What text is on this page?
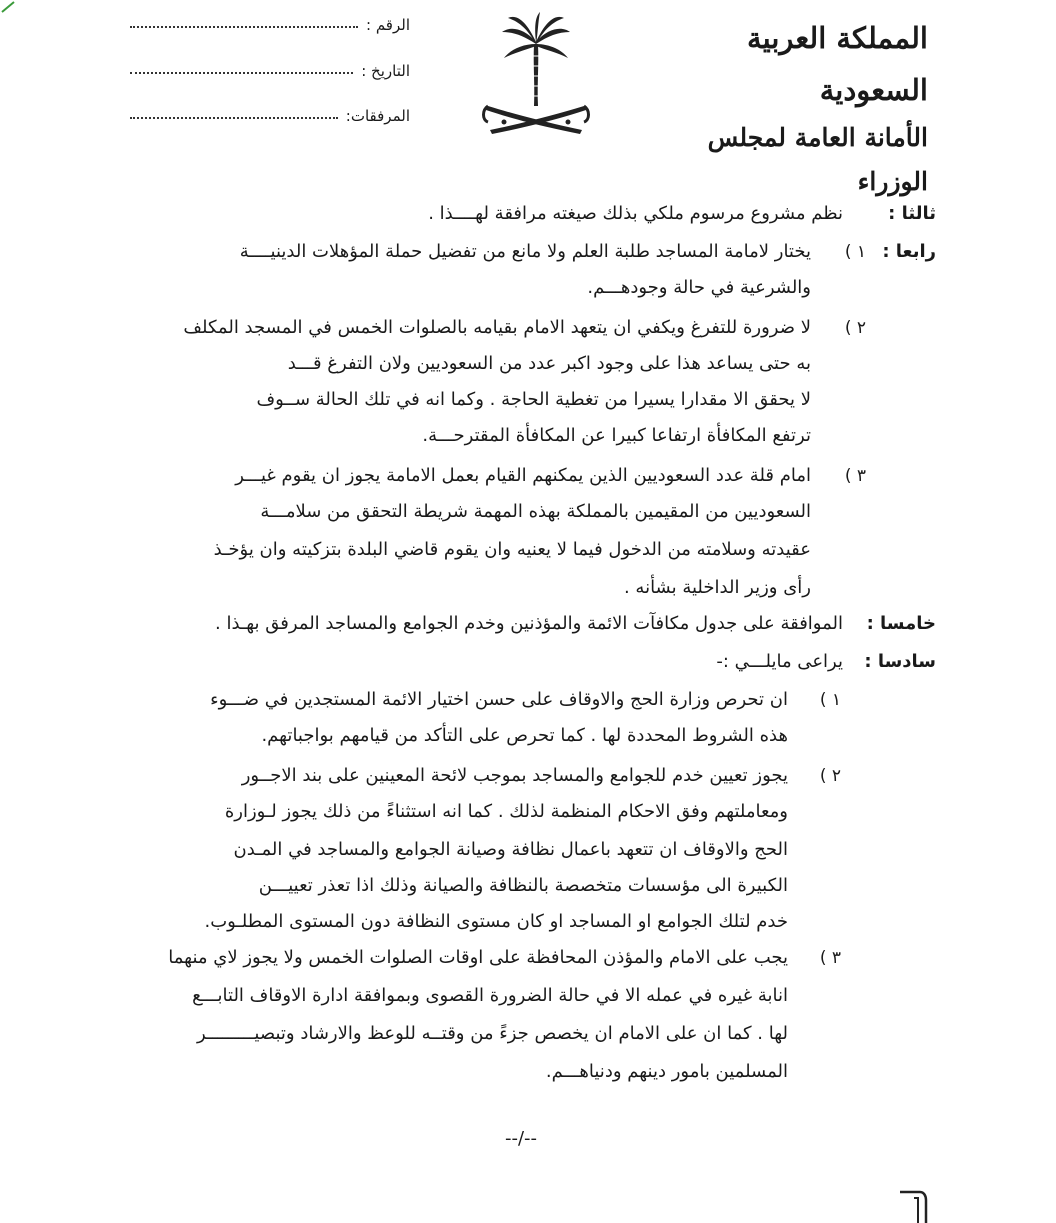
المملكة العربية السعودية
الأمانة العامة لمجلس الوزراء
الرقم :
التاريخ :
المرفقات:
ثالثا :
نظم مشروع مرسوم ملكي بذلك صيغته مرافقة لهــــذا .
رابعا :
١ )
يختار لامامة المساجد طلبة العلم ولا مانع من تفضيل حملة المؤهلات الدينيــــة
والشرعية في حالة وجودهـــم.
٢ )
لا ضرورة للتفرغ ويكفي ان يتعهد الامام بقيامه بالصلوات الخمس في المسجد المكلف
به حتى يساعد هذا على وجود اكبر عدد من السعوديين ولان التفرغ قـــد
لا يحقق الا مقدارا يسيرا من تغطية الحاجة . وكما انه في تلك الحالة ســوف
ترتفع المكافأة ارتفاعا كبيرا عن المكافأة المقترحـــة.
٣ )
امام قلة عدد السعوديين الذين يمكنهم القيام بعمل الامامة يجوز ان يقوم غيـــر
السعوديين من المقيمين بالمملكة بهذه المهمة شريطة التحقق من سلامـــة
عقيدته وسلامته من الدخول فيما لا يعنيه وان يقوم قاضي البلدة بتزكيته وان يؤخـذ
رأى وزير الداخلية بشأنه .
خامسا :
الموافقة على جدول مكافآت الائمة والمؤذنين وخدم الجوامع والمساجد المرفق بهـذا .
سادسا :
يراعى مايلـــي :-
١ )
ان تحرص وزارة الحج والاوقاف على حسن اختيار الائمة المستجدين في ضـــوء
هذه الشروط المحددة لها . كما تحرص على التأكد من قيامهم بواجباتهم.
٢ )
يجوز تعيين خدم للجوامع والمساجد بموجب لائحة المعينين على بند الاجــور
ومعاملتهم وفق الاحكام المنظمة لذلك . كما انه استثناءً من ذلك يجوز لـوزارة
الحج والاوقاف ان تتعهد باعمال نظافة وصيانة الجوامع والمساجد في المـدن
الكبيرة الى مؤسسات متخصصة بالنظافة والصيانة وذلك اذا تعذر تعييـــن
خدم لتلك الجوامع او المساجد او كان مستوى النظافة دون المستوى المطلـوب.
٣ )
يجب على الامام والمؤذن المحافظة على اوقات الصلوات الخمس ولا يجوز لاي منهما
انابة غيره في عمله الا في حالة الضرورة القصوى وبموافقة ادارة الاوقاف التابـــع
لها . كما ان على الامام ان يخصص جزءً من وقتــه للوعظ والارشاد وتبصيـــــــــر
المسلمين بامور دينهم ودنياهـــم.
--/--
